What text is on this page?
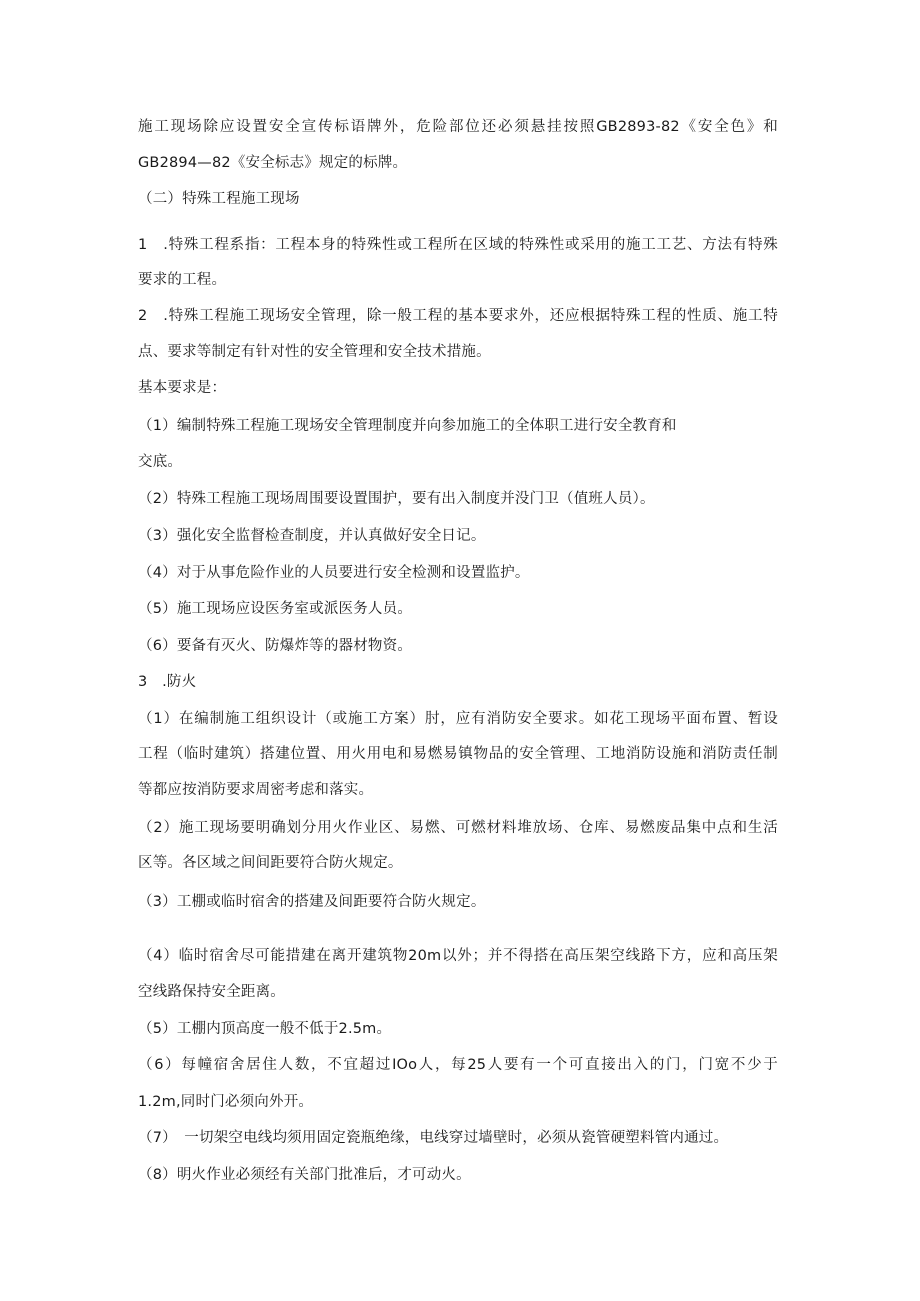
施工现场除应设置安全宣传标语牌外，危险部位还必须悬挂按照GB2893-82《安全色》和
GB2894—82《安全标志》规定的标牌。
（二）特殊工程施工现场
1　.特殊工程系指：工程本身的特殊性或工程所在区域的特殊性或采用的施工工艺、方法有特殊
要求的工程。
2　.特殊工程施工现场安全管理，除一般工程的基本要求外，还应根据特殊工程的性质、施工特
点、要求等制定有针对性的安全管理和安全技术措施。
基本要求是：
（1）编制特殊工程施工现场安全管理制度并向参加施工的全体职工进行安全教育和
交底。
（2）特殊工程施工现场周围要设置围护，要有出入制度并没门卫（值班人员）。
（3）强化安全监督检查制度，并认真做好安全日记。
（4）对于从事危险作业的人员要进行安全检测和设置监护。
（5）施工现场应设医务室或派医务人员。
（6）要备有灭火、防爆炸等的器材物资。
3　.防火
（1）在编制施工组织设计（或施工方案）肘，应有消防安全要求。如花工现场平面布置、暂设
工程（临时建筑）搭建位置、用火用电和易燃易镇物品的安全管理、工地消防设施和消防责任制
等都应按消防要求周密考虑和落实。
（2）施工现场要明确划分用火作业区、易燃、可燃材料堆放场、仓库、易燃废品集中点和生活
区等。各区域之间间距要符合防火规定。
（3）工棚或临时宿舍的搭建及间距要符合防火规定。
（4）临时宿舍尽可能措建在离开建筑物20m以外；并不得搭在高压架空线路下方，应和高压架
空线路保持安全距离。
（5）工棚内顶高度一般不低于2.5m。
（6）每幢宿舍居住人数，不宜超过IOo人，每25人要有一个可直接出入的门，门宽不少于
1.2m,同时门必须向外开。
（7）　一切架空电线均须用固定瓷瓶绝缘，电线穿过墙壁时，必须从瓷管硬塑料管内通过。
（8）明火作业必须经有关部门批准后，才可动火。
